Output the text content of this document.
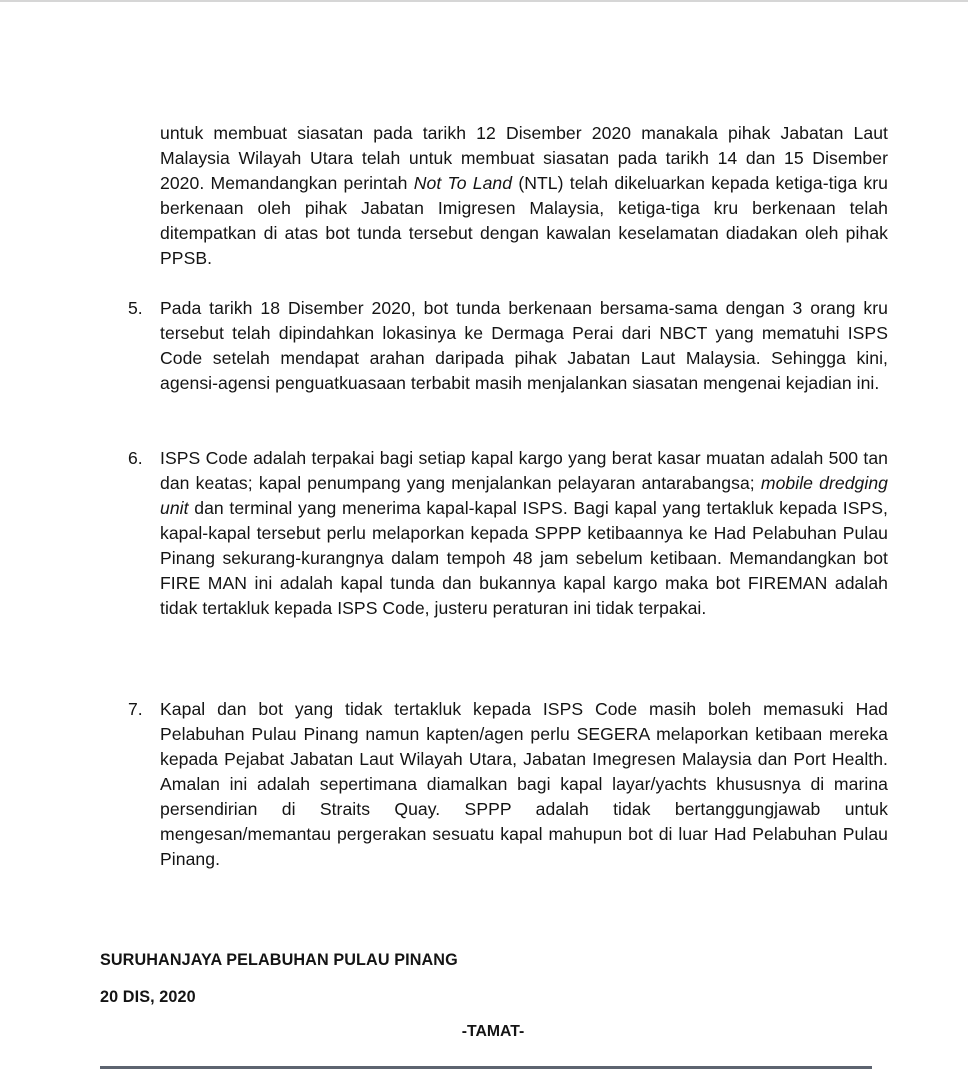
untuk membuat siasatan pada tarikh 12 Disember 2020 manakala pihak Jabatan Laut Malaysia Wilayah Utara telah untuk membuat siasatan pada tarikh 14 dan 15 Disember 2020. Memandangkan perintah Not To Land (NTL) telah dikeluarkan kepada ketiga-tiga kru berkenaan oleh pihak Jabatan Imigresen Malaysia, ketiga-tiga kru berkenaan telah ditempatkan di atas bot tunda tersebut dengan kawalan keselamatan diadakan oleh pihak PPSB.

5. Pada tarikh 18 Disember 2020, bot tunda berkenaan bersama-sama dengan 3 orang kru tersebut telah dipindahkan lokasinya ke Dermaga Perai dari NBCT yang mematuhi ISPS Code setelah mendapat arahan daripada pihak Jabatan Laut Malaysia. Sehingga kini, agensi-agensi penguatkuasaan terbabit masih menjalankan siasatan mengenai kejadian ini.

6. ISPS Code adalah terpakai bagi setiap kapal kargo yang berat kasar muatan adalah 500 tan dan keatas; kapal penumpang yang menjalankan pelayaran antarabangsa; mobile dredging unit dan terminal yang menerima kapal-kapal ISPS. Bagi kapal yang tertakluk kepada ISPS, kapal-kapal tersebut perlu melaporkan kepada SPPP ketibaannya ke Had Pelabuhan Pulau Pinang sekurang-kurangnya dalam tempoh 48 jam sebelum ketibaan. Memandangkan bot FIRE MAN ini adalah kapal tunda dan bukannya kapal kargo maka bot FIREMAN adalah tidak tertakluk kepada ISPS Code, justeru peraturan ini tidak terpakai.

7. Kapal dan bot yang tidak tertakluk kepada ISPS Code masih boleh memasuki Had Pelabuhan Pulau Pinang namun kapten/agen perlu SEGERA melaporkan ketibaan mereka kepada Pejabat Jabatan Laut Wilayah Utara, Jabatan Imegresen Malaysia dan Port Health. Amalan ini adalah sepertimana diamalkan bagi kapal layar/yachts khususnya di marina persendirian di Straits Quay. SPPP adalah tidak bertanggungjawab untuk mengesan/memantau pergerakan sesuatu kapal mahupun bot di luar Had Pelabuhan Pulau Pinang.

SURUHANJAYA PELABUHAN PULAU PINANG
20 DIS, 2020
-TAMAT-
